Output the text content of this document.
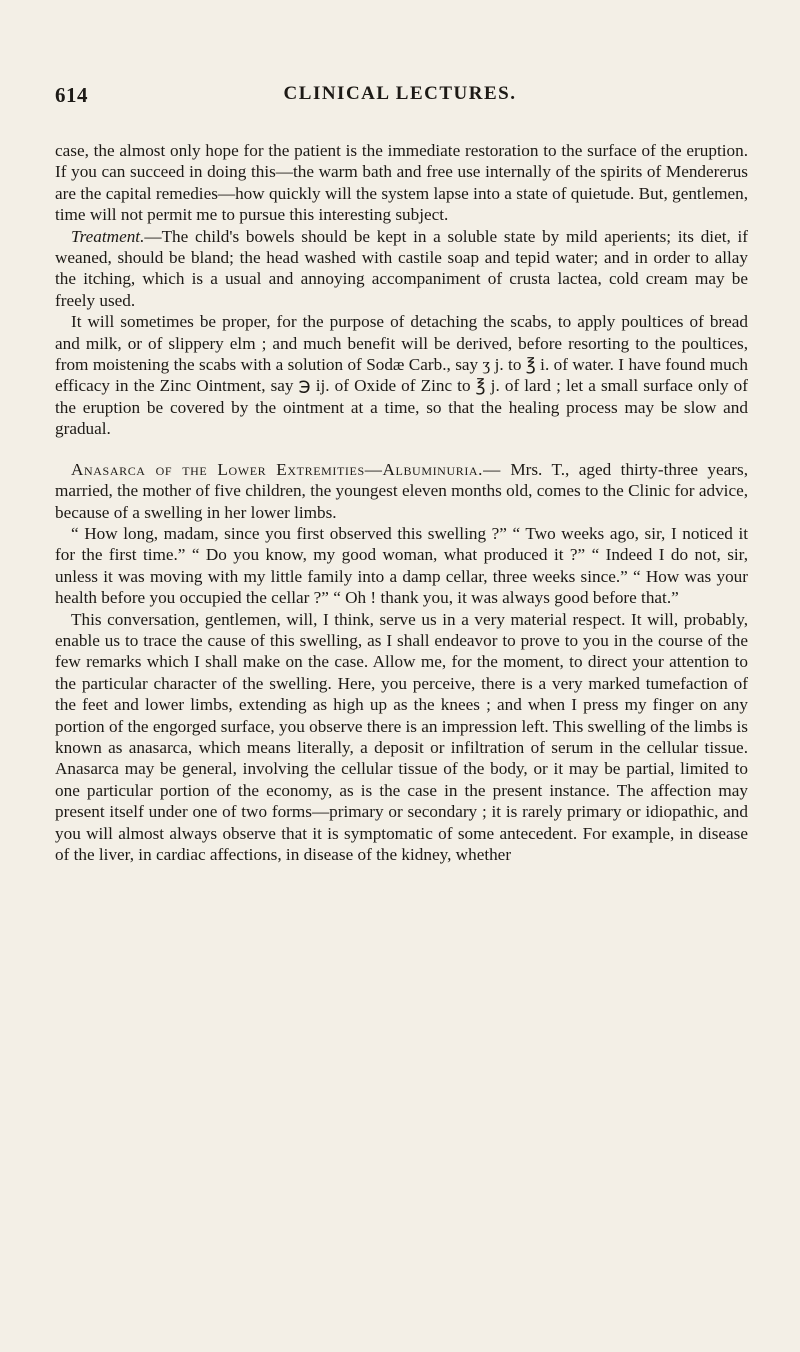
614	CLINICAL LECTURES.

case, the almost only hope for the patient is the immediate restoration to the surface of the eruption. If you can succeed in doing this—the warm bath and free use internally of the spirits of Mendererus are the capital remedies—how quickly will the system lapse into a state of quietude. But, gentlemen, time will not permit me to pursue this interesting subject.

Treatment.—The child's bowels should be kept in a soluble state by mild aperients; its diet, if weaned, should be bland; the head washed with castile soap and tepid water; and in order to allay the itching, which is a usual and annoying accompaniment of crusta lactea, cold cream may be freely used.

It will sometimes be proper, for the purpose of detaching the scabs, to apply poultices of bread and milk, or of slippery elm ; and much benefit will be derived, before resorting to the poultices, from moistening the scabs with a solution of Sodæ Carb., say ʒ j. to ℥ i. of water. I have found much efficacy in the Zinc Ointment, say ℈ ij. of Oxide of Zinc to ℥ j. of lard ; let a small surface only of the eruption be covered by the ointment at a time, so that the healing process may be slow and gradual.

Anasarca of the Lower Extremities—Albuminuria.— Mrs. T., aged thirty-three years, married, the mother of five children, the youngest eleven months old, comes to the Clinic for advice, because of a swelling in her lower limbs.

“ How long, madam, since you first observed this swelling ?” “ Two weeks ago, sir, I noticed it for the first time.” “ Do you know, my good woman, what produced it ?” “ Indeed I do not, sir, unless it was moving with my little family into a damp cellar, three weeks since.” “ How was your health before you occupied the cellar ?” “ Oh ! thank you, it was always good before that.”

This conversation, gentlemen, will, I think, serve us in a very material respect. It will, probably, enable us to trace the cause of this swelling, as I shall endeavor to prove to you in the course of the few remarks which I shall make on the case. Allow me, for the moment, to direct your attention to the particular character of the swelling. Here, you perceive, there is a very marked tumefaction of the feet and lower limbs, extending as high up as the knees ; and when I press my finger on any portion of the engorged surface, you observe there is an impression left. This swelling of the limbs is known as anasarca, which means literally, a deposit or infiltration of serum in the cellular tissue. Anasarca may be general, involving the cellular tissue of the body, or it may be partial, limited to one particular portion of the economy, as is the case in the present instance. The affection may present itself under one of two forms—primary or secondary ; it is rarely primary or idiopathic, and you will almost always observe that it is symptomatic of some antecedent. For example, in disease of the liver, in cardiac affections, in disease of the kidney, whether
